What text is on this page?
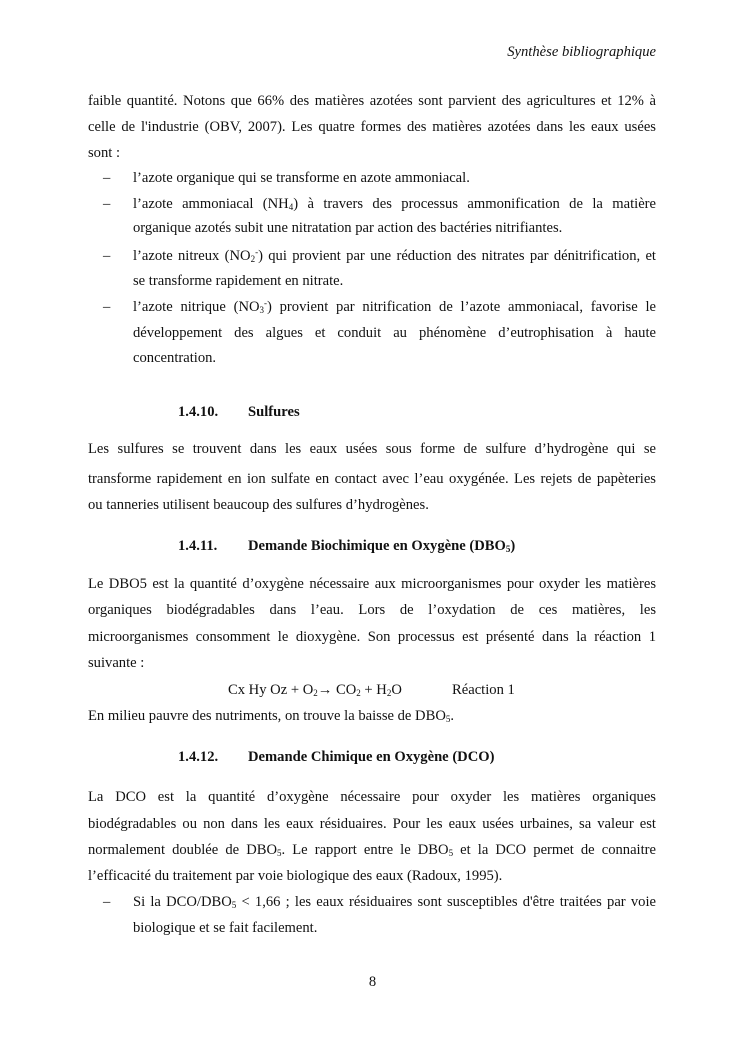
Synthèse bibliographique
faible quantité. Notons que 66% des matières azotées sont parvient des agricultures et 12% à
celle de l'industrie (OBV, 2007). Les quatre formes des matières azotées dans les eaux usées
sont :
– l’azote organique qui se transforme en azote ammoniacal.
– l’azote ammoniacal $(NH_4)$ à travers des processus ammonification de la matière
organique azotés subit une nitratation par action des bactéries nitrifiantes.
– l’azote nitreux $(NO_2^-)$ qui provient par une réduction des nitrates par dénitrification, et
se transforme rapidement en nitrate.
– l’azote nitrique $(NO_3^-)$ provient par nitrification de l’azote ammoniacal, favorise le
développement des algues et conduit au phénomène d’eutrophisation à haute
concentration.
1.4.10. Sulfures
Les sulfures se trouvent dans les eaux usées sous forme de sulfure d’hydrogène qui se
transforme rapidement en ion sulfate en contact avec l’eau oxygénée. Les rejets de papèteries
ou tanneries utilisent beaucoup des sulfures d’hydrogènes.
1.4.11. Demande Biochimique en Oxygène $(DBO_5)$
Le DBO5 est la quantité d’oxygène nécessaire aux microorganismes pour oxyder les matières
organiques biodégradables dans l’eau. Lors de l’oxydation de ces matières, les
microorganismes consomment le dioxygène. Son processus est présenté dans la réaction 1
suivante :
Cx Hy $Oz + O_2\to CO_2 + H_2O$	Réaction 1
En milieu pauvre des nutriments, on trouve la baisse de $DBO_5$.
1.4.12. Demande Chimique en Oxygène (DCO)
La DCO est la quantité d’oxygène nécessaire pour oxyder les matières organiques
biodégradables ou non dans les eaux résiduaires. Pour les eaux usées urbaines, sa valeur est
normalement doublée de $DBO_5$. Le rapport entre le $DBO_5$ et la DCO permet de connaitre
l’efficacité du traitement par voie biologique des eaux (Radoux, 1995).
– Si la DCO/$DBO_5 < 1,66$ ; les eaux résiduaires sont susceptibles d'être traitées par voie
biologique et se fait facilement.
8
